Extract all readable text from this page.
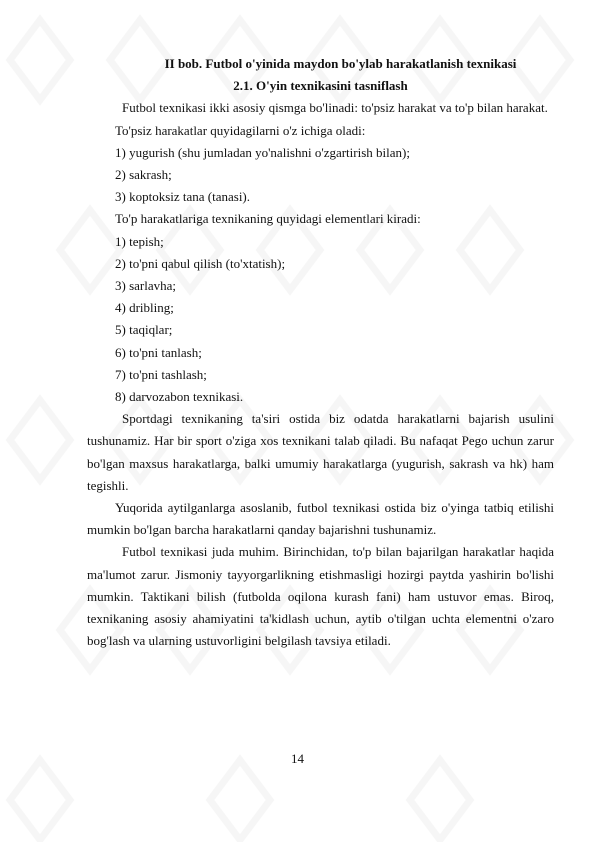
II bob. Futbol o'yinida maydon bo'ylab harakatlanish texnikasi

2.1. O'yin texnikasini tasniflash

Futbol texnikasi ikki asosiy qismga bo'linadi: to'psiz harakat va to'p bilan harakat.

To'psiz harakatlar quyidagilarni o'z ichiga oladi:

1) yugurish (shu jumladan yo'nalishni o'zgartirish bilan);

2) sakrash;

3) koptoksiz tana (tanasi).

To'p harakatlariga texnikaning quyidagi elementlari kiradi:

1) tepish;

2) to'pni qabul qilish (to'xtatish);

3) sarlavha;

4) dribling;

5) taqiqlar;

6) to'pni tanlash;

7) to'pni tashlash;

8) darvozabon texnikasi.

Sportdagi texnikaning ta'siri ostida biz odatda harakatlarni bajarish usulini tushunamiz. Har bir sport o'ziga xos texnikani talab qiladi. Bu nafaqat Pego uchun zarur bo'lgan maxsus harakatlarga, balki umumiy harakatlarga (yugurish, sakrash va hk) ham tegishli.

Yuqorida aytilganlarga asoslanib, futbol texnikasi ostida biz o'yinga tatbiq etilishi mumkin bo'lgan barcha harakatlarni qanday bajarishni tushunamiz.

Futbol texnikasi juda muhim. Birinchidan, to'p bilan bajarilgan harakatlar haqida ma'lumot zarur. Jismoniy tayyorgarlikning etishmasligi hozirgi paytda yashirin bo'lishi mumkin. Taktikani bilish (futbolda oqilona kurash fani) ham ustuvor emas. Biroq, texnikaning asosiy ahamiyatini ta'kidlash uchun, aytib o'tilgan uchta elementni o'zaro bog'lash va ularning ustuvorligini belgilash tavsiya etiladi.

14
